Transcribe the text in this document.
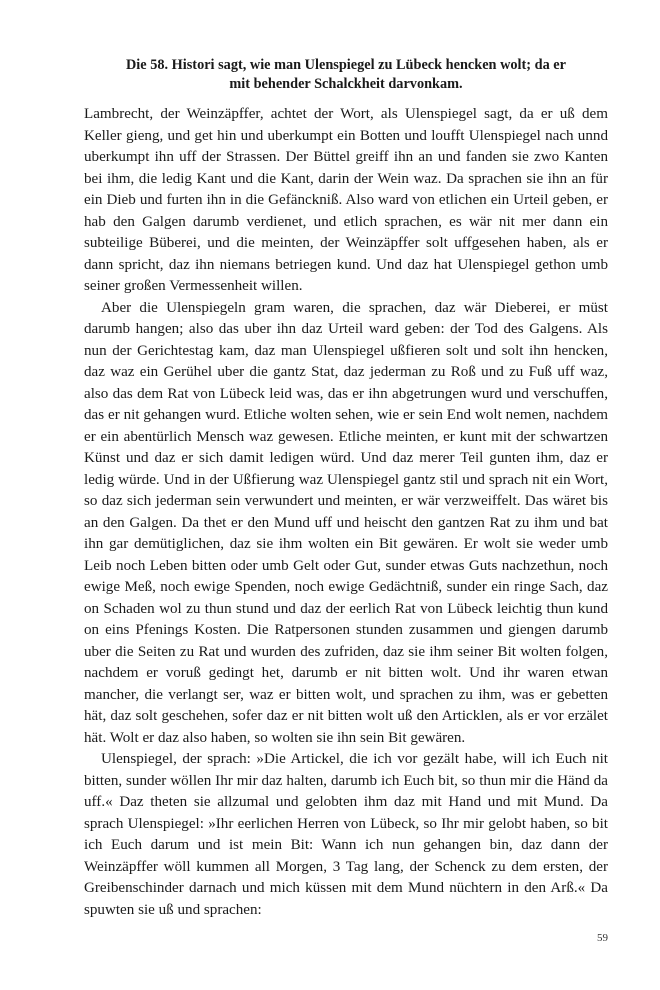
Die 58. Histori sagt, wie man Ulenspiegel zu Lübeck hencken wolt; da er
mit behender Schalckheit darvonkam.

Lambrecht, der Weinzäpffer, achtet der Wort, als Ulenspiegel sagt, da er uß dem Keller gieng, und get hin und uberkumpt ein Botten und loufft Ulenspiegel nach unnd uberkumpt ihn uff der Strassen. Der Büttel greiff ihn an und fanden sie zwo Kanten bei ihm, die ledig Kant und die Kant, darin der Wein waz. Da sprachen sie ihn an für ein Dieb und furten ihn in die Gefänckniß. Also ward von etlichen ein Urteil geben, er hab den Galgen darumb verdienet, und etlich sprachen, es wär nit mer dann ein subteilige Büberei, und die meinten, der Weinzäpffer solt uffgesehen haben, als er dann spricht, daz ihn niemans betriegen kund. Und daz hat Ulenspiegel gethon umb seiner großen Vermessenheit willen.

Aber die Ulenspiegeln gram waren, die sprachen, daz wär Dieberei, er müst darumb hangen; also das uber ihn daz Urteil ward geben: der Tod des Galgens. Als nun der Gerichtestag kam, daz man Ulenspiegel ußfieren solt und solt ihn hencken, daz waz ein Gerühel uber die gantz Stat, daz jederman zu Roß und zu Fuß uff waz, also das dem Rat von Lübeck leid was, das er ihn abgetrungen wurd und verschuffen, das er nit gehangen wurd. Etliche wolten sehen, wie er sein End wolt nemen, nachdem er ein abentürlich Mensch waz gewesen. Etliche meinten, er kunt mit der schwartzen Künst und daz er sich damit ledigen würd. Und daz merer Teil gunten ihm, daz er ledig würde. Und in der Ußfierung waz Ulenspiegel gantz stil und sprach nit ein Wort, so daz sich jederman sein verwundert und meinten, er wär verzweiffelt. Das wäret bis an den Galgen. Da thet er den Mund uff und heischt den gantzen Rat zu ihm und bat ihn gar demütiglichen, daz sie ihm wolten ein Bit gewären. Er wolt sie weder umb Leib noch Leben bitten oder umb Gelt oder Gut, sunder etwas Guts nachzethun, noch ewige Meß, noch ewige Spenden, noch ewige Gedächtniß, sunder ein ringe Sach, daz on Schaden wol zu thun stund und daz der eerlich Rat von Lübeck leichtig thun kund on eins Pfenings Kosten. Die Ratpersonen stunden zusammen und giengen darumb uber die Seiten zu Rat und wurden des zufriden, daz sie ihm seiner Bit wolten folgen, nachdem er voruß gedingt het, darumb er nit bitten wolt. Und ihr waren etwan mancher, die verlangt ser, waz er bitten wolt, und sprachen zu ihm, was er gebetten hät, daz solt geschehen, sofer daz er nit bitten wolt uß den Articklen, als er vor erzälet hät. Wolt er daz also haben, so wolten sie ihn sein Bit gewären.

Ulenspiegel, der sprach: »Die Artickel, die ich vor gezält habe, will ich Euch nit bitten, sunder wöllen Ihr mir daz halten, darumb ich Euch bit, so thun mir die Händ da uff.« Daz theten sie allzumal und gelobten ihm daz mit Hand und mit Mund. Da sprach Ulenspiegel: »Ihr eerlichen Herren von Lübeck, so Ihr mir gelobt haben, so bit ich Euch darum und ist mein Bit: Wann ich nun gehangen bin, daz dann der Weinzäpffer wöll kummen all Morgen, 3 Tag lang, der Schenck zu dem ersten, der Greibenschinder darnach und mich küssen mit dem Mund nüchtern in den Arß.« Da spuwten sie uß und sprachen:

59
